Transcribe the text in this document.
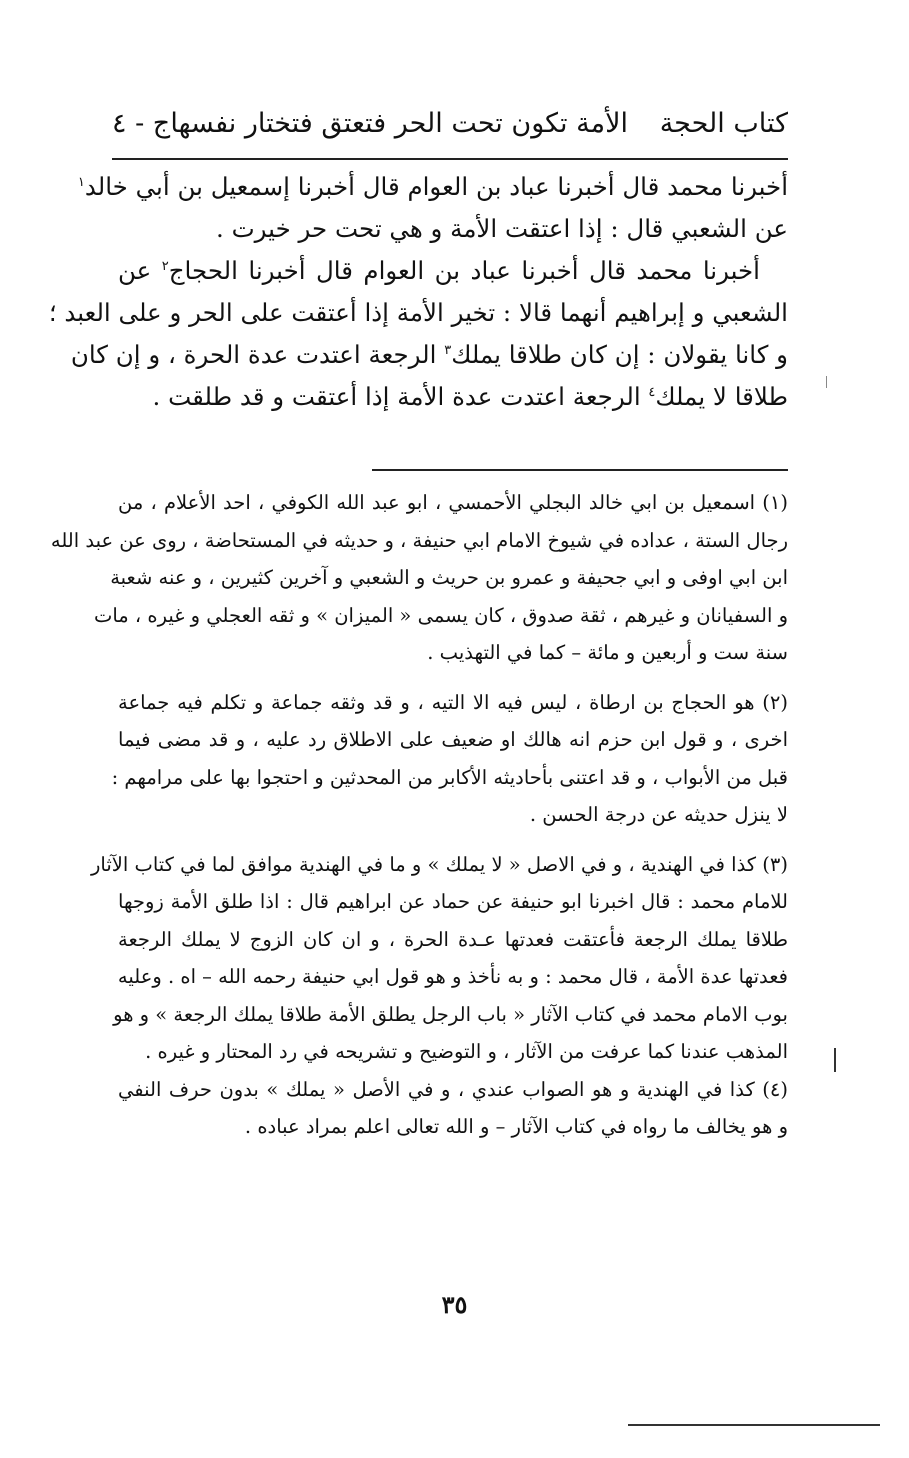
كتاب الحجة
الأمة تكون تحت الحر فتعتق فتختار نفسها
ج - ٤
أخبرنا محمد قال أخبرنا عباد بن العوام قال أخبرنا إسمعيل بن أبي خالد$^١$
عن الشعبي قال : إذا اعتقت الأمة و هي تحت حر خيرت .
أخبرنا محمد قال أخبرنا عباد بن العوام قال أخبرنا الحجاج$^٢$ عن
الشعبي و إبراهيم أنهما قالا : تخير الأمة إذا أعتقت على الحر و على العبد ؛
و كانا يقولان : إن كان طلاقا يملك$^٣$ الرجعة اعتدت عدة الحرة ، و إن كان
طلاقا لا يملك$^٤$ الرجعة اعتدت عدة الأمة إذا أعتقت و قد طلقت .
(١) اسمعيل بن ابي خالد البجلي الأحمسي ، ابو عبد الله الكوفي ، احد الأعلام ، من
رجال الستة ، عداده في شيوخ الامام ابي حنيفة ، و حديثه في المستحاضة ، روى عن عبد الله
ابن ابي اوفى و ابي جحيفة و عمرو بن حريث و الشعبي و آخرين كثيرين ، و عنه شعبة
و السفيانان و غيرهم ، ثقة صدوق ، كان يسمى « الميزان » و ثقه العجلي و غيره ، مات
سنة ست و أربعين و مائة – كما في التهذيب .
(٢) هو الحجاج بن ارطاة ، ليس فيه الا التيه ، و قد وثقه جماعة و تكلم فيه جماعة
اخرى ، و قول ابن حزم انه هالك او ضعيف على الاطلاق رد عليه ، و قد مضى فيما
قبل من الأبواب ، و قد اعتنى بأحاديثه الأكابر من المحدثين و احتجوا بها على مرامهم :
لا ينزل حديثه عن درجة الحسن .
(٣) كذا في الهندية ، و في الاصل « لا يملك » و ما في الهندية موافق لما في كتاب الآثار
للامام محمد : قال اخبرنا ابو حنيفة عن حماد عن ابراهيم قال : اذا طلق الأمة زوجها
طلاقا يملك الرجعة فأعتقت فعدتها عـدة الحرة ، و ان كان الزوج لا يملك الرجعة
فعدتها عدة الأمة ، قال محمد : و به نأخذ و هو قول ابي حنيفة رحمه الله – اه . وعليه
بوب الامام محمد في كتاب الآثار « باب الرجل يطلق الأمة طلاقا يملك الرجعة » و هو
المذهب عندنا كما عرفت من الآثار ، و التوضيح و تشريحه في رد المحتار و غيره .
(٤) كذا في الهندية و هو الصواب عندي ، و في الأصل « يملك » بدون حرف النفي
و هو يخالف ما رواه في كتاب الآثار – و الله تعالى اعلم بمراد عباده .
٣٥
